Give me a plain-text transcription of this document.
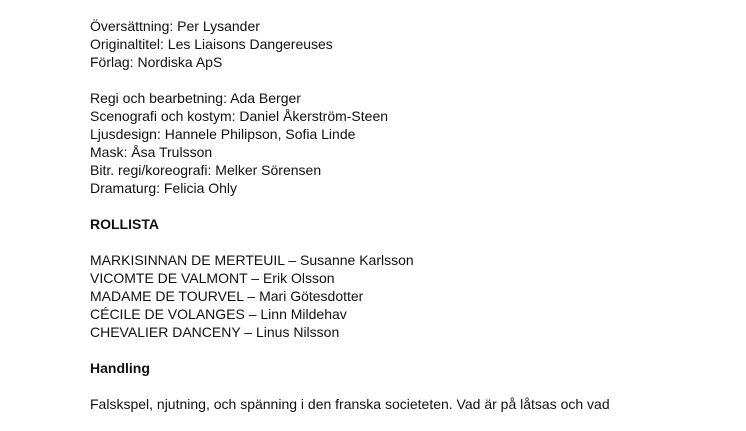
Översättning: Per Lysander
Originaltitel: Les Liaisons Dangereuses
Förlag: Nordiska ApS
Regi och bearbetning: Ada Berger
Scenografi och kostym: Daniel Åkerström-Steen
Ljusdesign: Hannele Philipson, Sofia Linde
Mask: Åsa Trulsson
Bitr. regi/koreografi: Melker Sörensen
Dramaturg: Felicia Ohly
ROLLISTA
MARKISINNAN DE MERTEUIL – Susanne Karlsson
VICOMTE DE VALMONT – Erik Olsson
MADAME DE TOURVEL – Mari Götesdotter
CÉCILE DE VOLANGES – Linn Mildehav
CHEVALIER DANCENY – Linus Nilsson
Handling
Falskspel, njutning, och spänning i den franska societeten. Vad är på låtsas och vad
